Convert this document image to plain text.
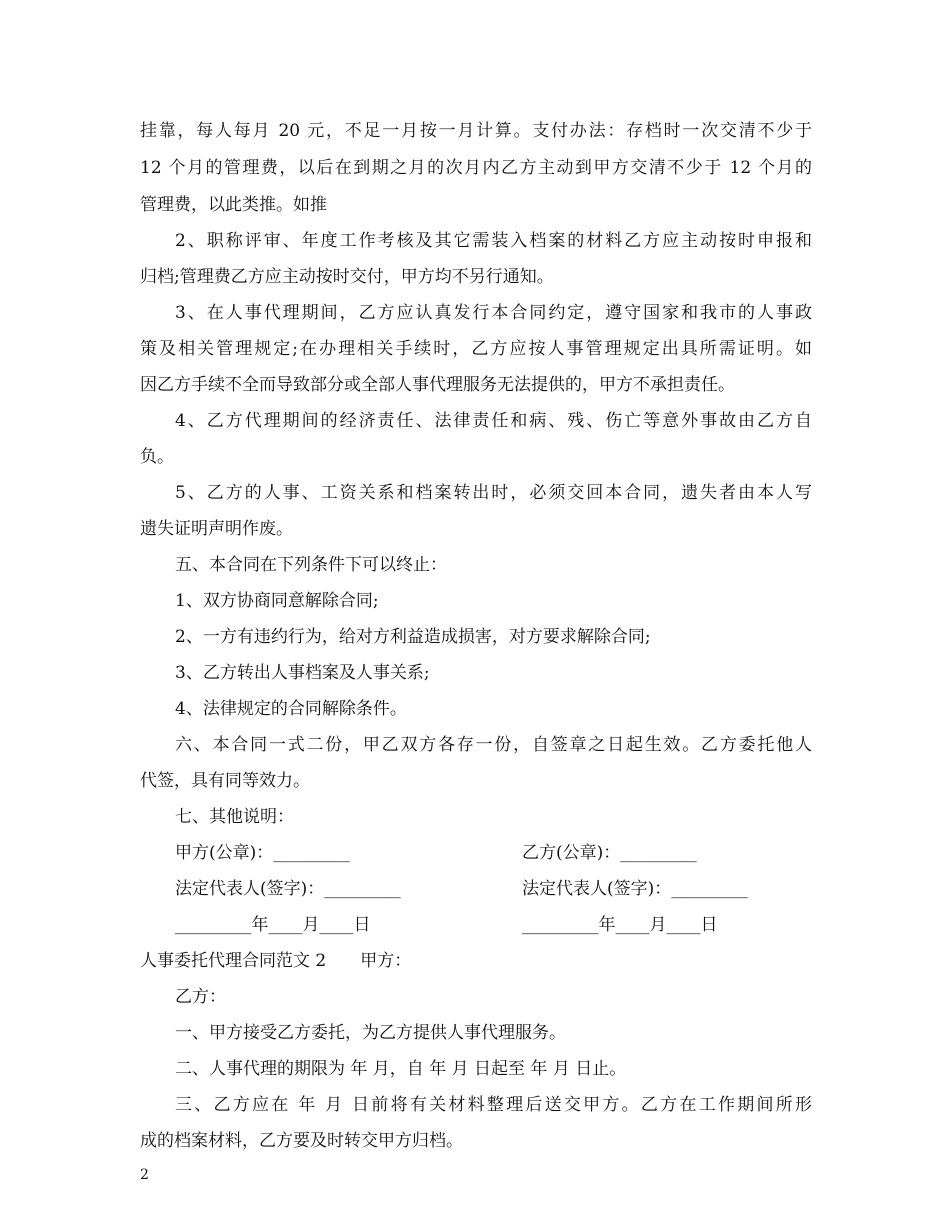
挂靠，每人每月 20 元，不足一月按一月计算。支付办法：存档时一次交清不少于
12 个月的管理费，以后在到期之月的次月内乙方主动到甲方交清不少于 12 个月的
管理费，以此类推。如推
2、职称评审、年度工作考核及其它需装入档案的材料乙方应主动按时申报和
归档;管理费乙方应主动按时交付，甲方均不另行通知。
3、在人事代理期间，乙方应认真发行本合同约定，遵守国家和我市的人事政
策及相关管理规定;在办理相关手续时，乙方应按人事管理规定出具所需证明。如
因乙方手续不全而导致部分或全部人事代理服务无法提供的，甲方不承担责任。
4、乙方代理期间的经济责任、法律责任和病、残、伤亡等意外事故由乙方自
负。
5、乙方的人事、工资关系和档案转出时，必须交回本合同，遗失者由本人写
遗失证明声明作废。
五、本合同在下列条件下可以终止：
1、双方协商同意解除合同;
2、一方有违约行为，给对方利益造成损害，对方要求解除合同;
3、乙方转出人事档案及人事关系;
4、法律规定的合同解除条件。
六、本合同一式二份，甲乙双方各存一份，自签章之日起生效。乙方委托他人
代签，具有同等效力。
七、其他说明：
甲方(公章)：_________	乙方(公章)：_________
法定代表人(签字)：_________	法定代表人(签字)：_________
_________年____月____日	_________年____月____日
人事委托代理合同范文 2　　甲方：
乙方：
一、甲方接受乙方委托，为乙方提供人事代理服务。
二、人事代理的期限为 年 月，自 年 月 日起至 年 月 日止。
三、乙方应在 年 月 日前将有关材料整理后送交甲方。乙方在工作期间所形
成的档案材料，乙方要及时转交甲方归档。
2
